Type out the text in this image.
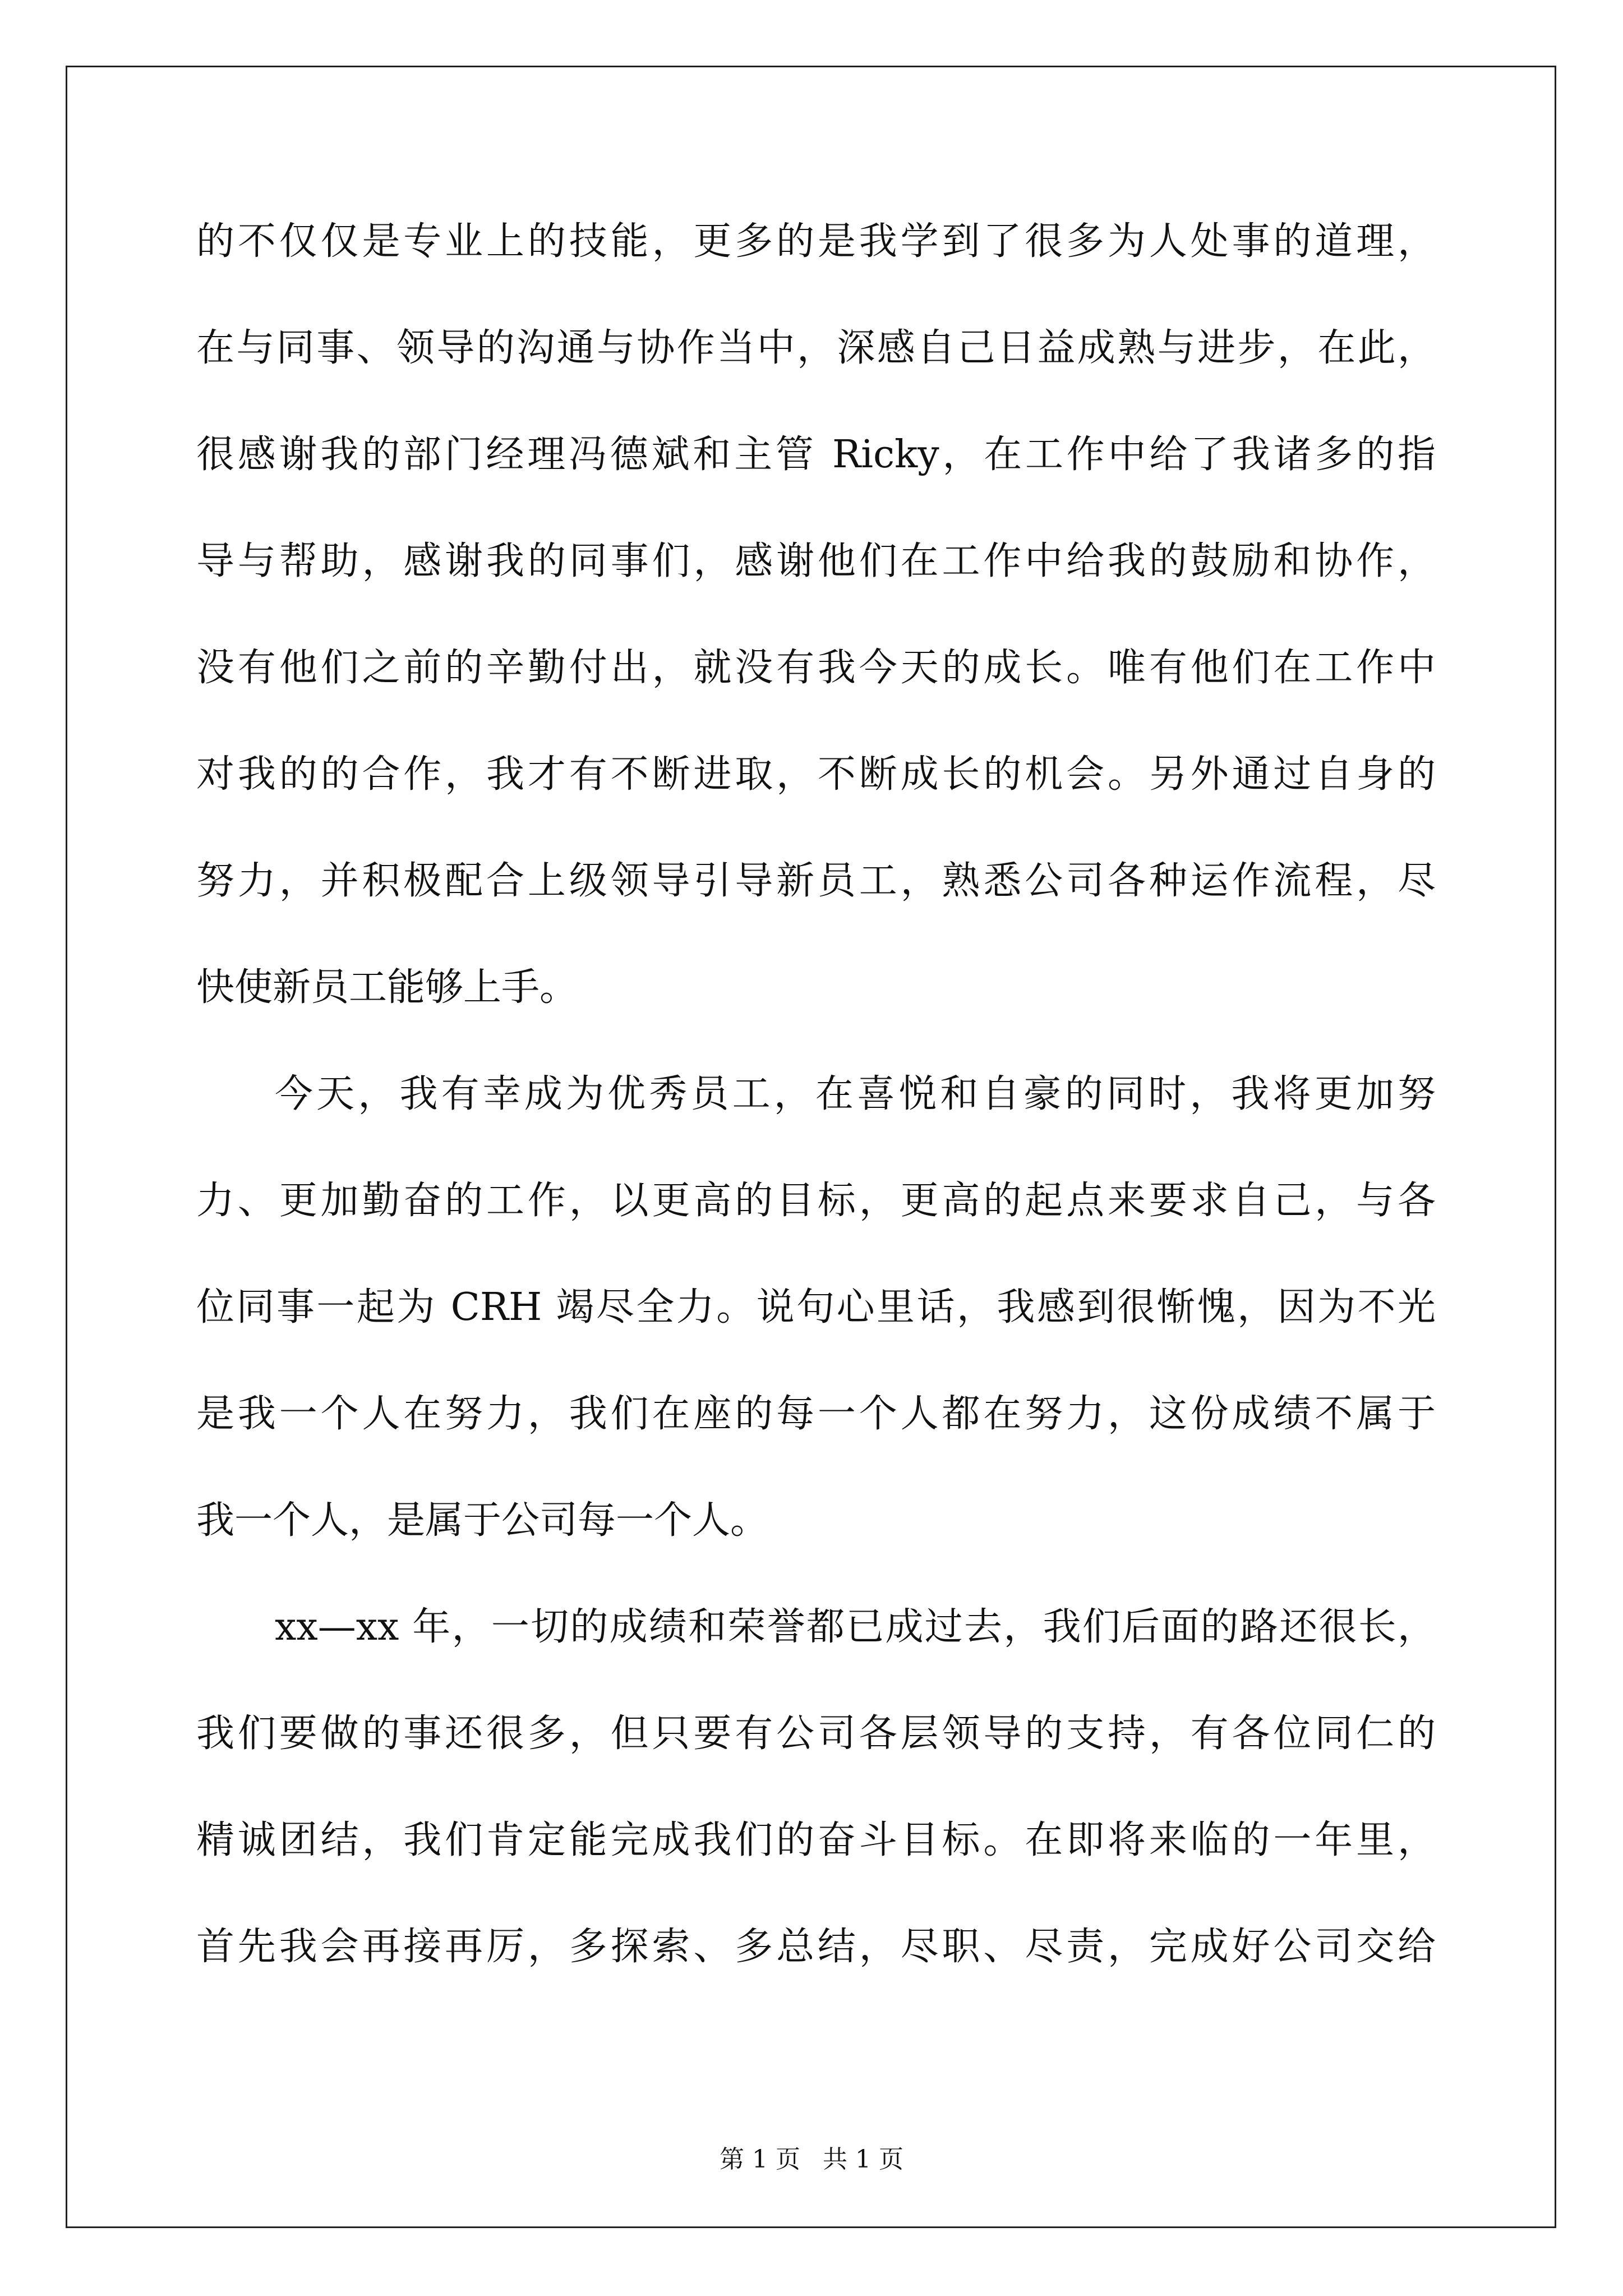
的不仅仅是专业上的技能，更多的是我学到了很多为人处事的道理，
在与同事、领导的沟通与协作当中，深感自己日益成熟与进步，在此，
很感谢我的部门经理冯德斌和主管 Ricky，在工作中给了我诸多的指
导与帮助，感谢我的同事们，感谢他们在工作中给我的鼓励和协作，
没有他们之前的辛勤付出，就没有我今天的成长。唯有他们在工作中
对我的的合作，我才有不断进取，不断成长的机会。另外通过自身的
努力，并积极配合上级领导引导新员工，熟悉公司各种运作流程，尽
快使新员工能够上手。
今天，我有幸成为优秀员工，在喜悦和自豪的同时，我将更加努
力、更加勤奋的工作，以更高的目标，更高的起点来要求自己，与各
位同事一起为 CRH 竭尽全力。说句心里话，我感到很惭愧，因为不光
是我一个人在努力，我们在座的每一个人都在努力，这份成绩不属于
我一个人，是属于公司每一个人。
xx—xx 年，一切的成绩和荣誉都已成过去，我们后面的路还很长，
我们要做的事还很多，但只要有公司各层领导的支持，有各位同仁的
精诚团结，我们肯定能完成我们的奋斗目标。在即将来临的一年里，
首先我会再接再厉，多探索、多总结，尽职、尽责，完成好公司交给
第 1 页 共 1 页
